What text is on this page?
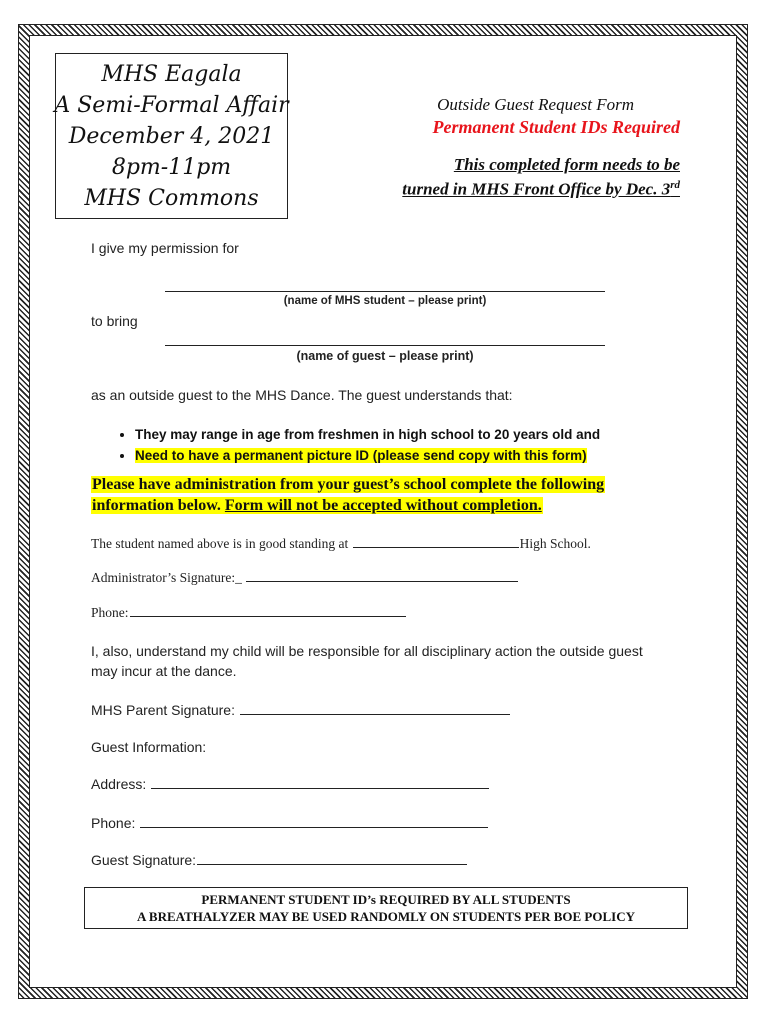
MHS Eagala
A Semi-Formal Affair
December 4, 2021
8pm-11pm
MHS Commons
Outside Guest Request Form
Permanent Student IDs Required
This completed form needs to be
turned in MHS Front Office by Dec. 3rd
I give my permission for
(name of MHS student – please print)
to bring
(name of guest – please print)
as an outside guest to the MHS Dance. The guest understands that:
• They may range in age from freshmen in high school to 20 years old and
• Need to have a permanent picture ID (please send copy with this form)
Please have administration from your guest’s school complete the following
information below. Form will not be accepted without completion.
The student named above is in good standing at	High School.
Administrator’s Signature:_
Phone:
I, also, understand my child will be responsible for all disciplinary action the outside guest may incur at the dance.
MHS Parent Signature:
Guest Information:
Address:
Phone:
Guest Signature:
PERMANENT STUDENT ID’s REQUIRED BY ALL STUDENTS
A BREATHALYZER MAY BE USED RANDOMLY ON STUDENTS PER BOE POLICY
